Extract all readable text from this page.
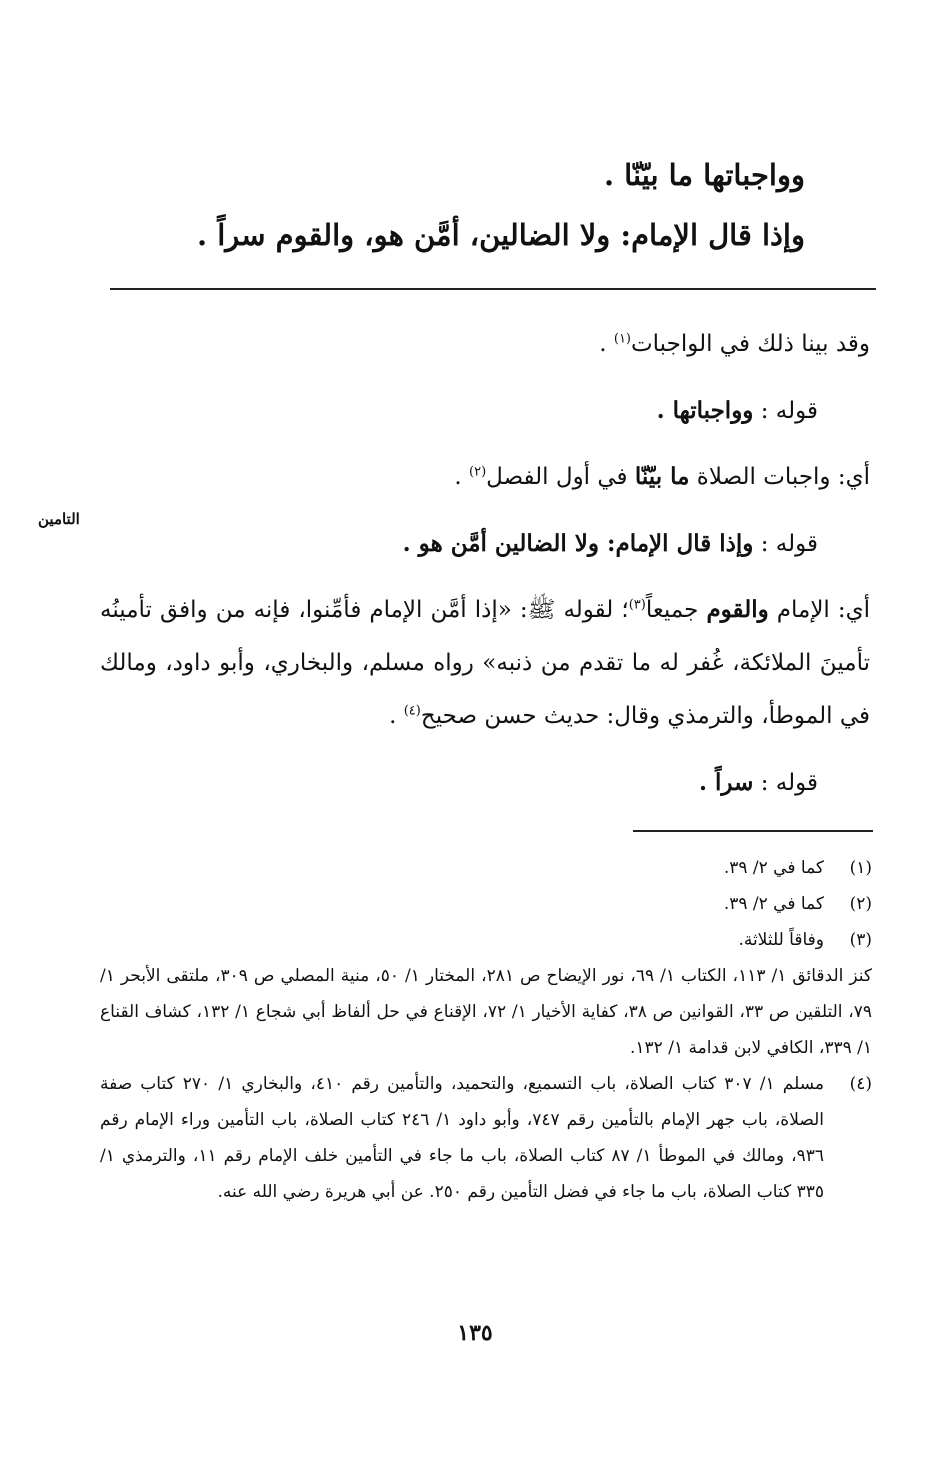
وواجباتها ما بيّنّا .
وإذا قال الإمام: ولا الضالين، أمَّن هو، والقوم سراً .
التامين

وقد بينا ذلك في الواجبات$^{(١)}$ .

قوله : وواجباتها .

أي: واجبات الصلاة ما بيّنّا في أول الفصل$^{(٢)}$ .

قوله : وإذا قال الإمام: ولا الضالين أمَّن هو .

أي: الإمام والقوم جميعاً$^{(٣)}$؛ لقوله ﷺ: «إذا أمَّن الإمام فأمِّنوا، فإنه من وافق تأمينُه تأمينَ الملائكة، غُفر له ما تقدم من ذنبه» رواه مسلم، والبخاري، وأبو داود، ومالك في الموطأ، والترمذي وقال: حديث حسن صحيح$^{(٤)}$ .

قوله : سراً .

(١)
كما في ٢/ ٣٩.
(٢)
كما في ٢/ ٣٩.
(٣)
وفاقاً للثلاثة.
كنز الدقائق ١/ ١١٣، الكتاب ١/ ٦٩، نور الإيضاح ص ٢٨١، المختار ١/ ٥٠، منية المصلي ص ٣٠٩، ملتقى الأبحر ١/ ٧٩، التلقين ص ٣٣، القوانين ص ٣٨، كفاية الأخيار ١/ ٧٢، الإقناع في حل ألفاظ أبي شجاع ١/ ١٣٢، كشاف القناع ١/ ٣٣٩، الكافي لابن قدامة ١/ ١٣٢.
(٤)
مسلم ١/ ٣٠٧ كتاب الصلاة، باب التسميع، والتحميد، والتأمين رقم ٤١٠، والبخاري ١/ ٢٧٠ كتاب صفة الصلاة، باب جهر الإمام بالتأمين رقم ٧٤٧، وأبو داود ١/ ٢٤٦ كتاب الصلاة، باب التأمين وراء الإمام رقم ٩٣٦، ومالك في الموطأ ١/ ٨٧ كتاب الصلاة، باب ما جاء في التأمين خلف الإمام رقم ١١، والترمذي ١/ ٣٣٥ كتاب الصلاة، باب ما جاء في فضل التأمين رقم ٢٥٠. عن أبي هريرة رضي الله عنه.
١٣٥
